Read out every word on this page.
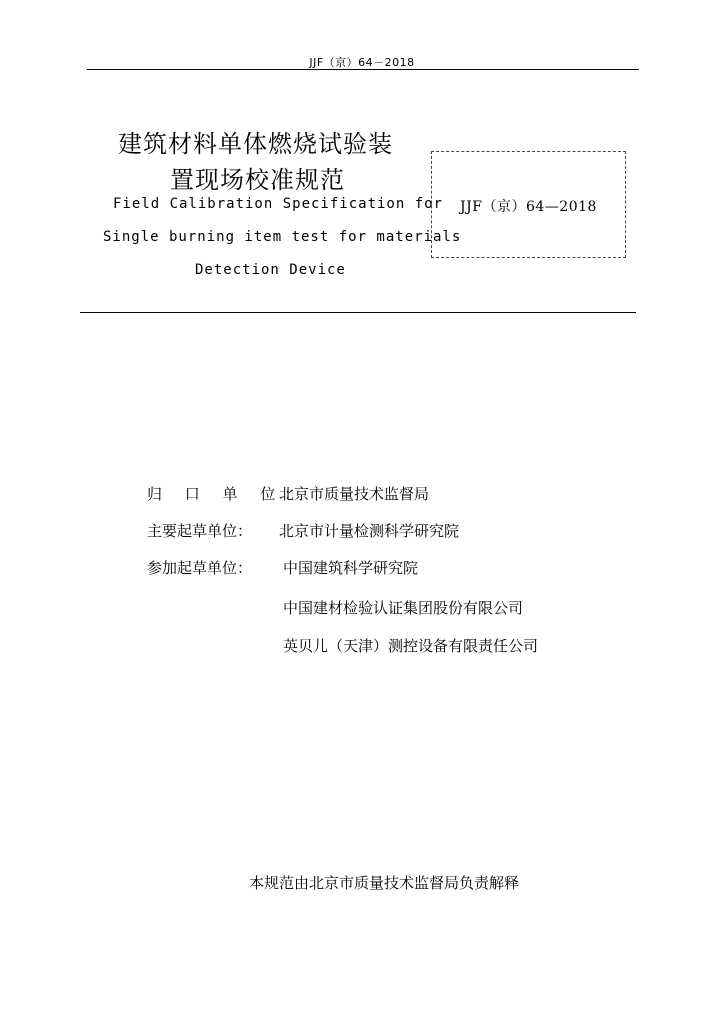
JJF（京）64－2018
建筑材料单体燃烧试验装
置现场校准规范
Field Calibration Specification for
Single burning item test for materials
Detection Device
JJF（京）64—2018
归 口 单 位：
北京市质量技术监督局
主要起草单位： 北京市计量检测科学研究院
参加起草单位： 中国建筑科学研究院
中国建材检验认证集团股份有限公司
英贝儿（天津）测控设备有限责任公司
本规范由北京市质量技术监督局负责解释
